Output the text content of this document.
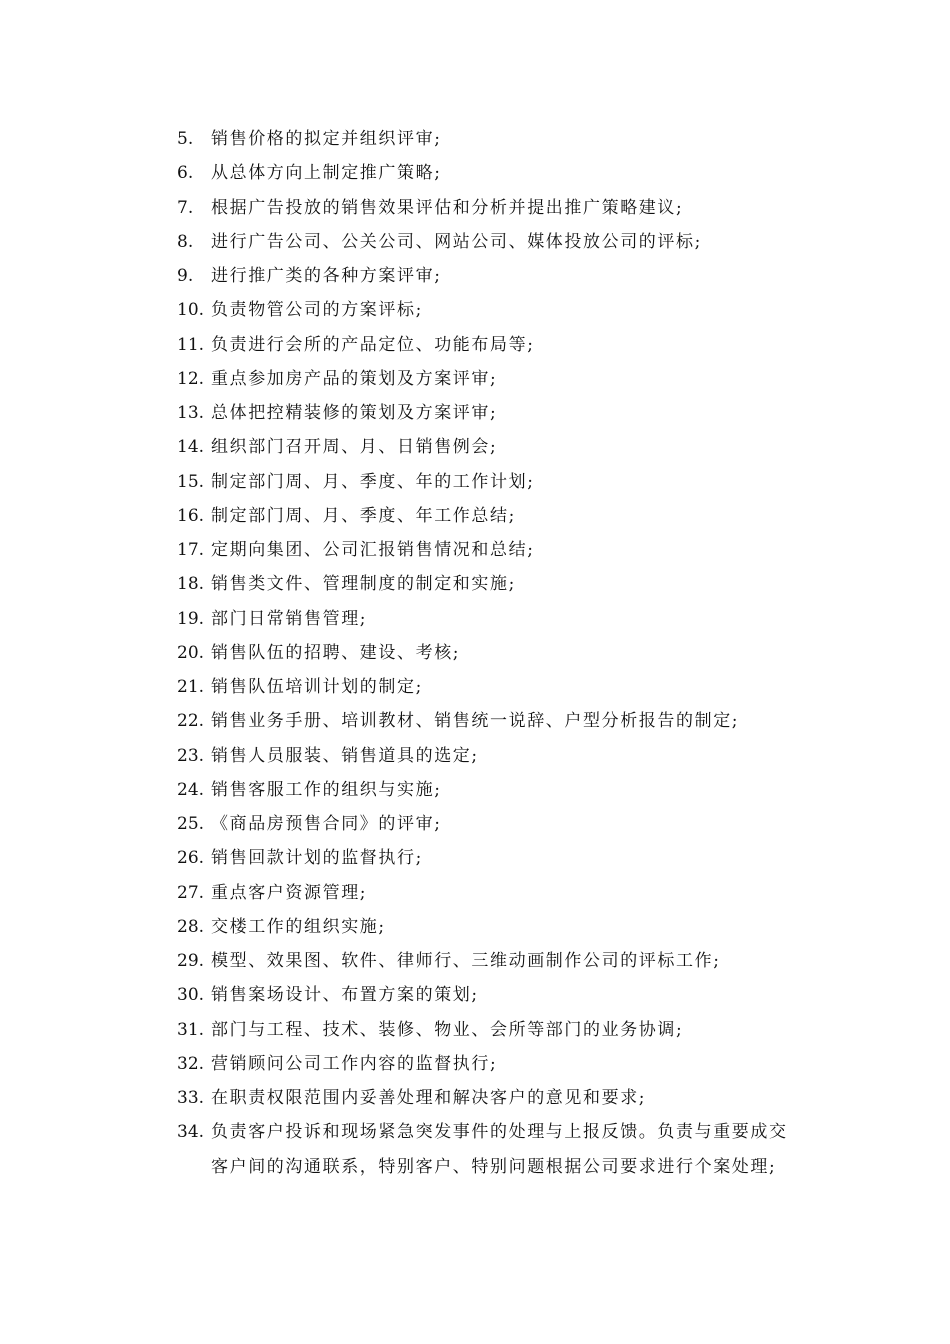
5.	销售价格的拟定并组织评审;
6.	从总体方向上制定推广策略;
7.	根据广告投放的销售效果评估和分析并提出推广策略建议;
8.	进行广告公司、公关公司、网站公司、媒体投放公司的评标;
9.	进行推广类的各种方案评审;
10. 负责物管公司的方案评标;
11. 负责进行会所的产品定位、功能布局等;
12. 重点参加房产品的策划及方案评审;
13. 总体把控精装修的策划及方案评审;
14. 组织部门召开周、月、日销售例会;
15. 制定部门周、月、季度、年的工作计划;
16. 制定部门周、月、季度、年工作总结;
17. 定期向集团、公司汇报销售情况和总结;
18. 销售类文件、管理制度的制定和实施;
19. 部门日常销售管理;
20. 销售队伍的招聘、建设、考核;
21. 销售队伍培训计划的制定;
22. 销售业务手册、培训教材、销售统一说辞、户型分析报告的制定;
23. 销售人员服装、销售道具的选定;
24. 销售客服工作的组织与实施;
25. 《商品房预售合同》的评审;
26. 销售回款计划的监督执行;
27. 重点客户资源管理;
28. 交楼工作的组织实施;
29. 模型、效果图、软件、律师行、三维动画制作公司的评标工作;
30. 销售案场设计、布置方案的策划;
31. 部门与工程、技术、装修、物业、会所等部门的业务协调;
32. 营销顾问公司工作内容的监督执行;
33. 在职责权限范围内妥善处理和解决客户的意见和要求;
34. 负责客户投诉和现场紧急突发事件的处理与上报反馈。负责与重要成交
客户间的沟通联系，特别客户、特别问题根据公司要求进行个案处理;
